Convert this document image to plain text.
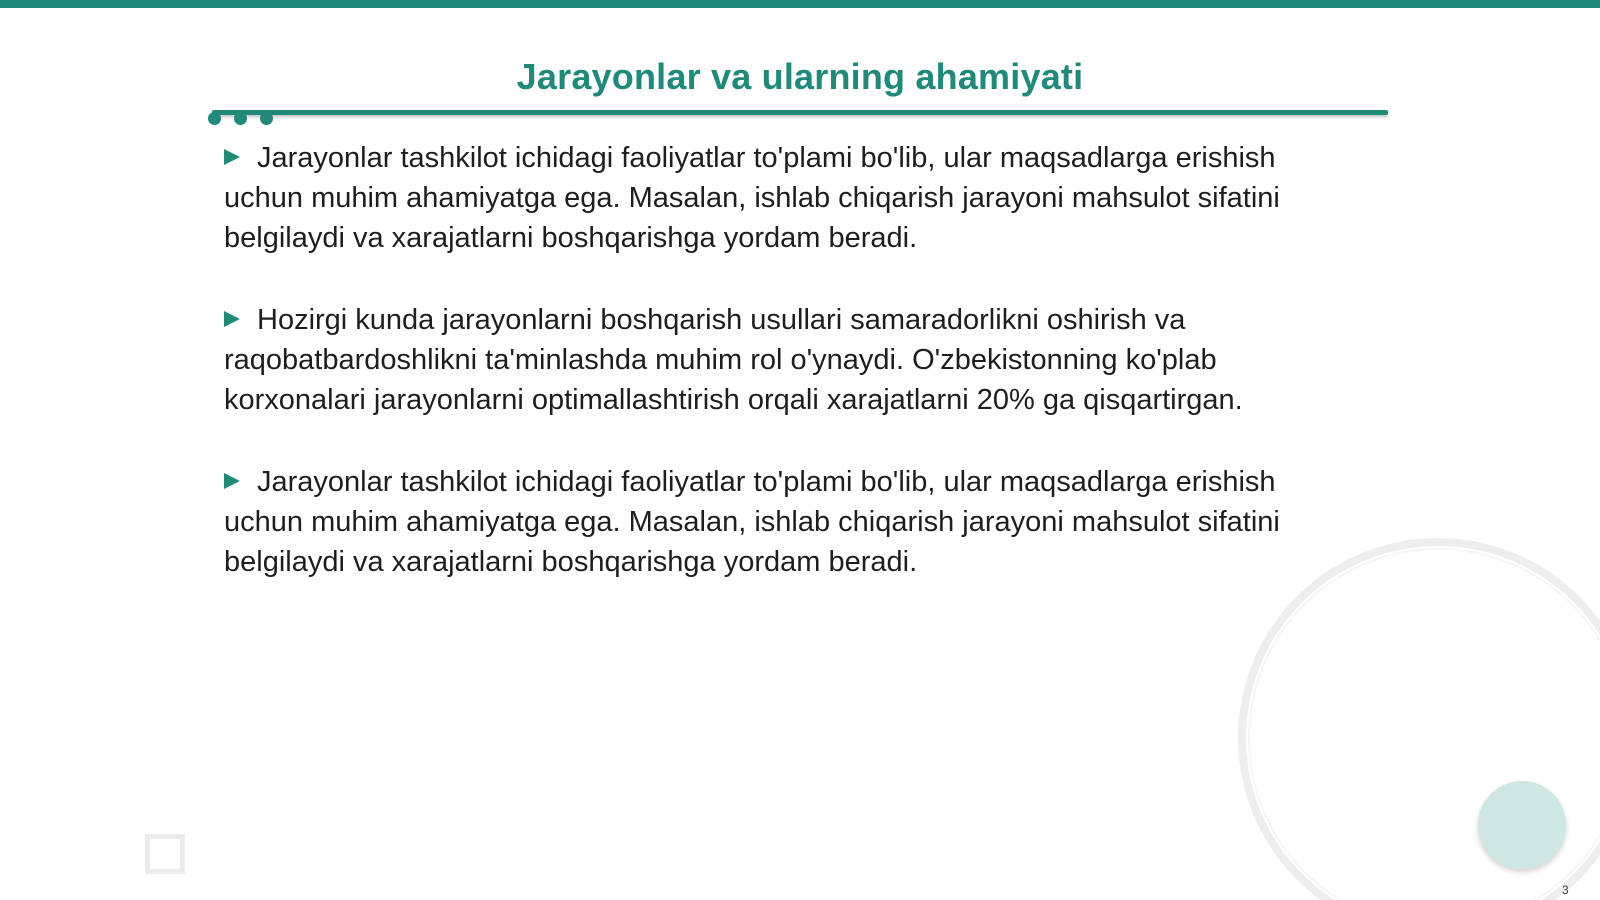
Jarayonlar va ularning ahamiyati

Jarayonlar tashkilot ichidagi faoliyatlar to'plami bo'lib, ular maqsadlarga erishish uchun muhim ahamiyatga ega. Masalan, ishlab chiqarish jarayoni mahsulot sifatini belgilaydi va xarajatlarni boshqarishga yordam beradi.

Hozirgi kunda jarayonlarni boshqarish usullari samaradorlikni oshirish va raqobatbardoshlikni ta'minlashda muhim rol o'ynaydi. O'zbekistonning ko'plab korxonalari jarayonlarni optimallashtirish orqali xarajatlarni 20% ga qisqartirgan.

Jarayonlar tashkilot ichidagi faoliyatlar to'plami bo'lib, ular maqsadlarga erishish uchun muhim ahamiyatga ega. Masalan, ishlab chiqarish jarayoni mahsulot sifatini belgilaydi va xarajatlarni boshqarishga yordam beradi.

3
